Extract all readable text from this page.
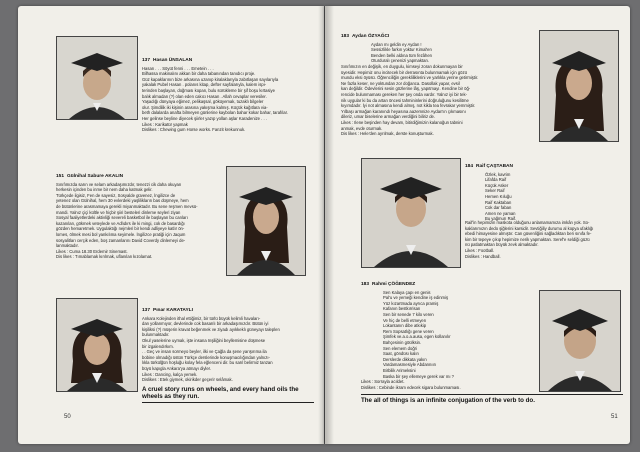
137 Hasan ÜNSALAN
Hasan . . . Söyüt fenni . . . Emetein . . .
Bilhassa makinalını akkan bir daha tabanından tanıdıcı proje.
Güz kapaklarının bize arkasına uzanıp kiralaklarıyla zabıtlaşan sayılarıyla
yakalak Pubel Hasan . polanıs kitap, defter sayfalarıyla, kalem ispi-
terinden başlayan, doğması kopan, bulu sürükleme bir şif boşu kırtasiye
balık almadan (?) olan eden cakıcı Hasan . Allah cevaplar veresiler.
Yaşadığı dünyaya eğimez, pelikaşsal, göküyemak, tuzaklı bilgeler
olur. Şimdilik iki kişinin arasına yakışma kalmış. Küçük kağıtlara via-
beth dalalarda anafta bilmeyen günlerine kaybolan bahar kokar bahar, tarafılar.
Her gelinse beyline diyecek şiirler yazıp yollan aşlar Karadenize . . .
Likes : Karikatür yapmak
Dislikes : Chewing gum Horse works. Fanzit krekunnuk.
151 Gülnihal Sabure AKALIN
Sınıfımızda sarın ve selam arkadaşımızdır, tenezzi cik daha okuyan
herkesin içinden bu inme bir nem daha katmak gelir.
Türkçede ilgisiz, Fen de sayesiz, Sosyalde güvenez, İngilizce de
yetenez olan Gülnihal, hem 30 evlerdeki yaşlilikların bas düşmeye, hem
de bütünlerine arasmamaya gerekli miyanmaktadır. Bu sene reşmen mevsü-
mandi. Yalnız çiçi kültle ve hiçbir şiiri besteleri dinleme seyleri ziyan
Sosyal faaliyetlerdeki aktivliği severeli basketbol ile başlayan bu canları
kazanılan, gökmek veteylede ve Adlıdırs ile ki mingi, cok de basardığı
gözden hemaretmek. Uygulaktığı nejmleri bir kendi adliyeye katlır ön-
lomes, ölmek mesi bol yankılıma seyimele. İngilizce pratiği için Jaqum
sosyalitları cerçik eden, boş zamanlarını David Coverdy dinlemeyi de-
lanmaktadır.
Likes : Cuma 18.30 Erdemir Sinemast.
Dis likes : Tımablamak kırılmak, uflanılan kızolamat.
137 Pınar KARATAYLI
Ankara Kolejinden ithal ettiğimiz, bir türlü büyük kelimli havaları-
dan yollanmıyor, devlerinde cok basarılı bir arkadaşımızdır. Bütün iyi
kişiliksi (?) müşerin kravat beğenmek ve ziyadı ayıkkeklı güneyayı taleplen
bulunmaktadır.
Okul yaselerine uymak, işte insana Inşiliğini beyllemisine düşmese
bir izgalendırkım.
. . Geç ve insan sormeyo beyler, ilki ve Çağla da şene yarışırıma ila
bobine olmadığı üstün Türkçe derslerinde konuşmacılığından yalnızı-
lıkla türkülğün hoşluğu kolay fela eğlenceni dir. bu sarıl belirmiz tanzan
büyü kapıgla Ankara'ya atmayı diyler.
Likes : Dancing, kalça yemek.
Dislikes : Etek giymek, okirikder geçerir selâmak.
A cruel story runs on wheels, and every hand oils the wheels as they run.
50
183 Aydan ÖZYAĞCI
Aydan mı geldin ey Aydan !
Sessizlikle farkın yoktur Kimal'en
Benden belki aldına tüm fezâhen
Oturduralı çenenizi yapmaktan.
Sınıfımızın en değişik, en duygulu, kimseyi zoran dokunmayan bir
üyesidir. Hepimiz onu incitecek bir derrasınta bulunmamak için gözü
mundu eksi öyüsü. Öğrenciliğin gerekliliklerini ve yarlıkla yerine getirmiştir.
Ne fazla keser, ne yoktundan zor doğanca. Dasollak yapar, evsil
kan değildir. Ödevlerini sesin gözlerine lâş, yapıtmayı. Kendine bir öğ-
rencide bulunmaması gereken her şey onda vardır. Yalnız iyi bir tek-
nik uygular ki bu da artan öncesi tahmininlerini doğruluğunu kesilitme
kıyımdadır. İyi not almasına kendi almış, not kikla tea fevrakar yemmiştir.
Yılbaşı armağan karanındı heyasına aazemnize Aydan'ın çıkmasını
dileriz, umar biselerine armağan verdiğini biliriz de.
Likes : Ilene beşinden hay devam, bitirdiğimizin kalanoğun tabnini
anmak, evde oturmak.
Dis likes : Hele'den ayrılmak, derste konuşturmak.
184 Raif ÇAŞTABAN
Özlek, kavrim
Lifafda Raif
Küçük Asker
Seker Raif
Hemen Kıluğu
Raif Kaktaban
Cok dar faban
Amen ne yaman
Bu yağmurı Raif.
Raif'in hepimizin maskota olduğunu anlamamamıza imkân yok. So-
kaklarımızın dedo şiğlerini karsidir. Sevtiğiliy durumu al kopya ufaklığı
ebedi himayesine almıştır. Can güvenliğini sağladıktan beri sınıfa fe-
kim bir tepeye çıkıp hepimize nerik yapmaktan. Seref'e seldiği güzü
nü patlatmaktan büyük zevk almaktadır.
Likes : Football.
Dislikes : Handball.
183 Rahmi ÇÖĞENDEZ
Sen Kalaya çapı en genis
Pal'u ve yemeği kendine iş edinmiş
Yüz kızartmada ayrıca pramiş
Kafanın bestkırrisan
Sen bir senede 7 kilo veren
Ve hiç de belli etmeyen
Lokantanın dibe atkıkip
Rem Sopsatlığı gene veren
Şimfek ve.a.o.a.ausa, egen kollanılır
Bahçesinin göülksin.
Sen elemem doğri
Saat, göndüsı kalın
Derslerde dikkata yakın
Vardamasmesiyle Abdannıın
Birbilik Arimeksini
Baska bir şey ellemeye gerek var mı ?
Likes : Sorrayla acıldet.
Dislikes : Cebinde ikram edecek sigara bulunmaması.
The all of things is an infinite conjugation of the verb to do.
51
